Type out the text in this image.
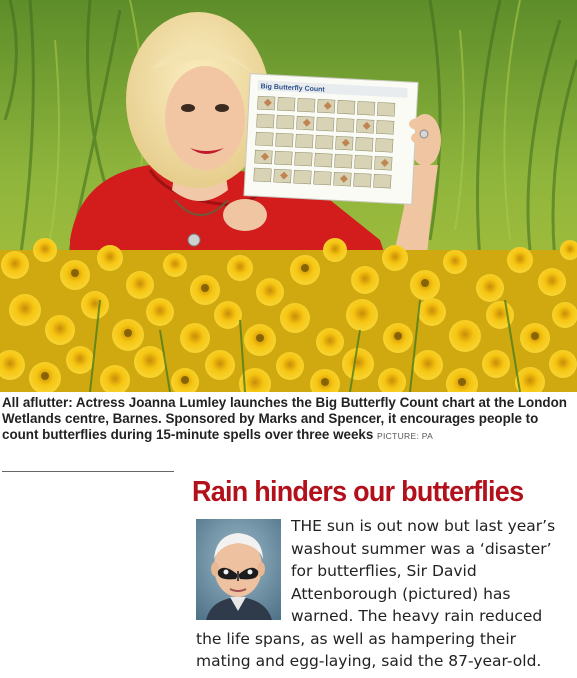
Big Butterfly Count
All aflutter: Actress Joanna Lumley launches the Big Butterfly Count chart at the London Wetlands centre, Barnes. Sponsored by Marks and Spencer, it encourages people to count butterflies during 15-minute spells over three weeks PICTURE: PA
Rain hinders our butterflies
THE sun is out now but last year’s washout summer was a ‘disaster’ for butterflies, Sir David Attenborough (pictured) has warned. The heavy rain reduced the life spans, as well as hampering their mating and egg-laying, said the 87-year-old.
